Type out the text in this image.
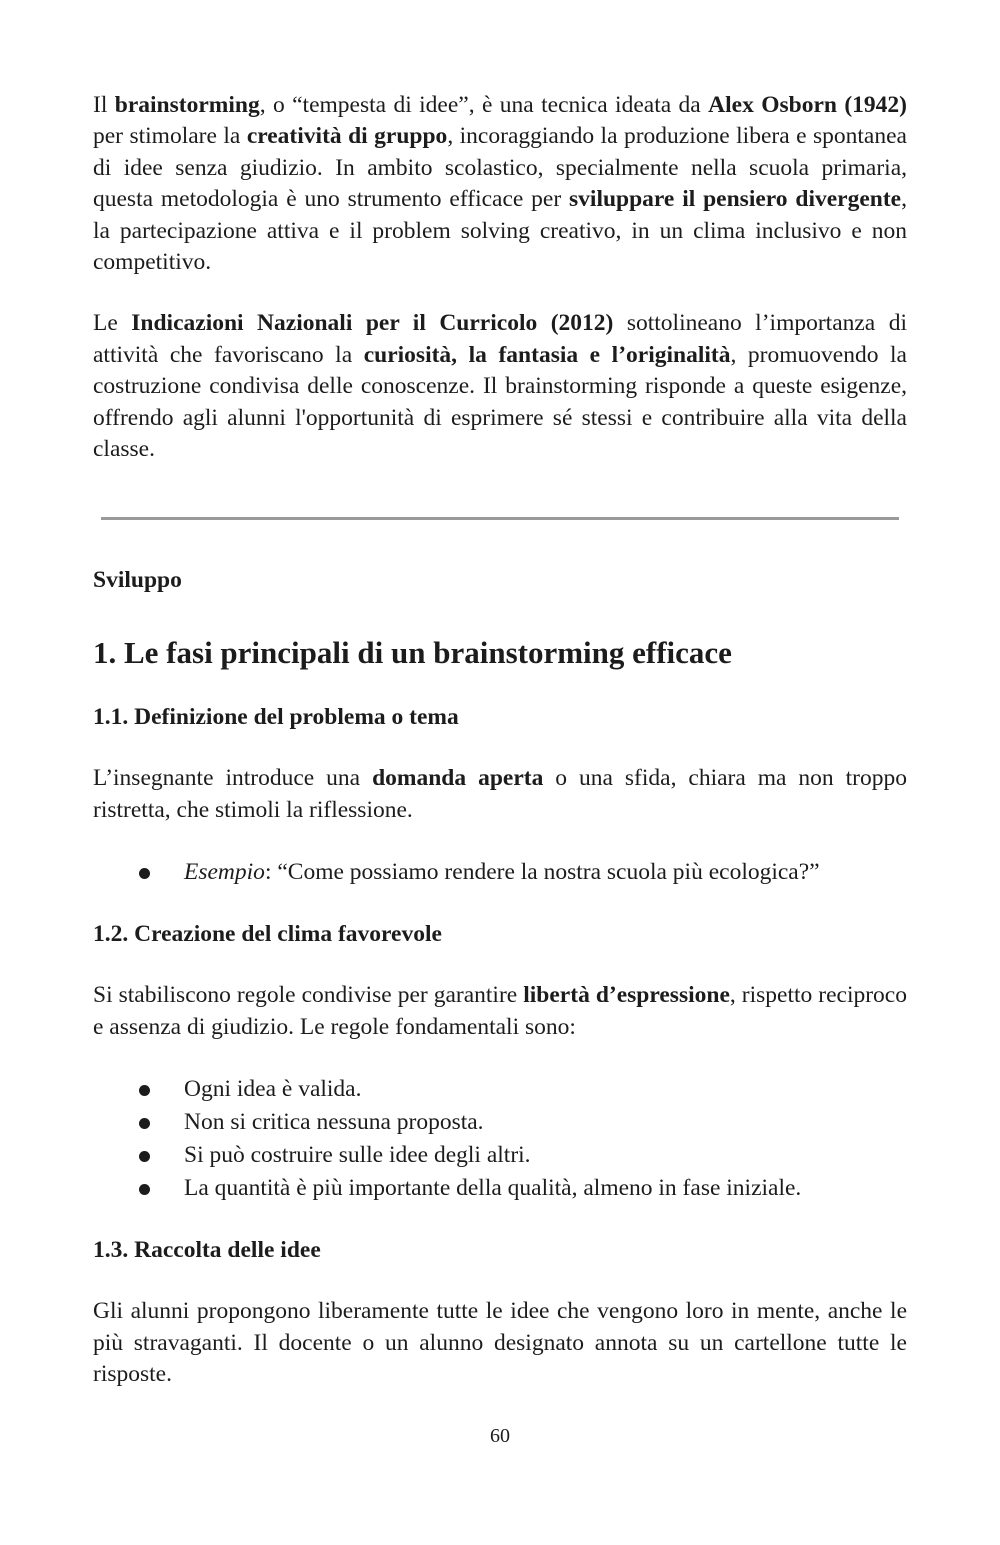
Il brainstorming, o “tempesta di idee”, è una tecnica ideata da Alex Osborn (1942) per stimolare la creatività di gruppo, incoraggiando la produzione libera e spontanea di idee senza giudizio. In ambito scolastico, specialmente nella scuola primaria, questa metodologia è uno strumento efficace per sviluppare il pensiero divergente, la partecipazione attiva e il problem solving creativo, in un clima inclusivo e non competitivo.

Le Indicazioni Nazionali per il Curricolo (2012) sottolineano l’importanza di attività che favoriscano la curiosità, la fantasia e l’originalità, promuovendo la costruzione condivisa delle conoscenze. Il brainstorming risponde a queste esigenze, offrendo agli alunni l'opportunità di esprimere sé stessi e contribuire alla vita della classe.

Sviluppo
1. Le fasi principali di un brainstorming efficace
1.1. Definizione del problema o tema

L’insegnante introduce una domanda aperta o una sfida, chiara ma non troppo ristretta, che stimoli la riflessione.

Esempio: “Come possiamo rendere la nostra scuola più ecologica?”
1.2. Creazione del clima favorevole

Si stabiliscono regole condivise per garantire libertà d’espressione, rispetto reciproco e assenza di giudizio. Le regole fondamentali sono:

Ogni idea è valida.
Non si critica nessuna proposta.
Si può costruire sulle idee degli altri.
La quantità è più importante della qualità, almeno in fase iniziale.
1.3. Raccolta delle idee

Gli alunni propongono liberamente tutte le idee che vengono loro in mente, anche le più stravaganti. Il docente o un alunno designato annota su un cartellone tutte le risposte.

60
